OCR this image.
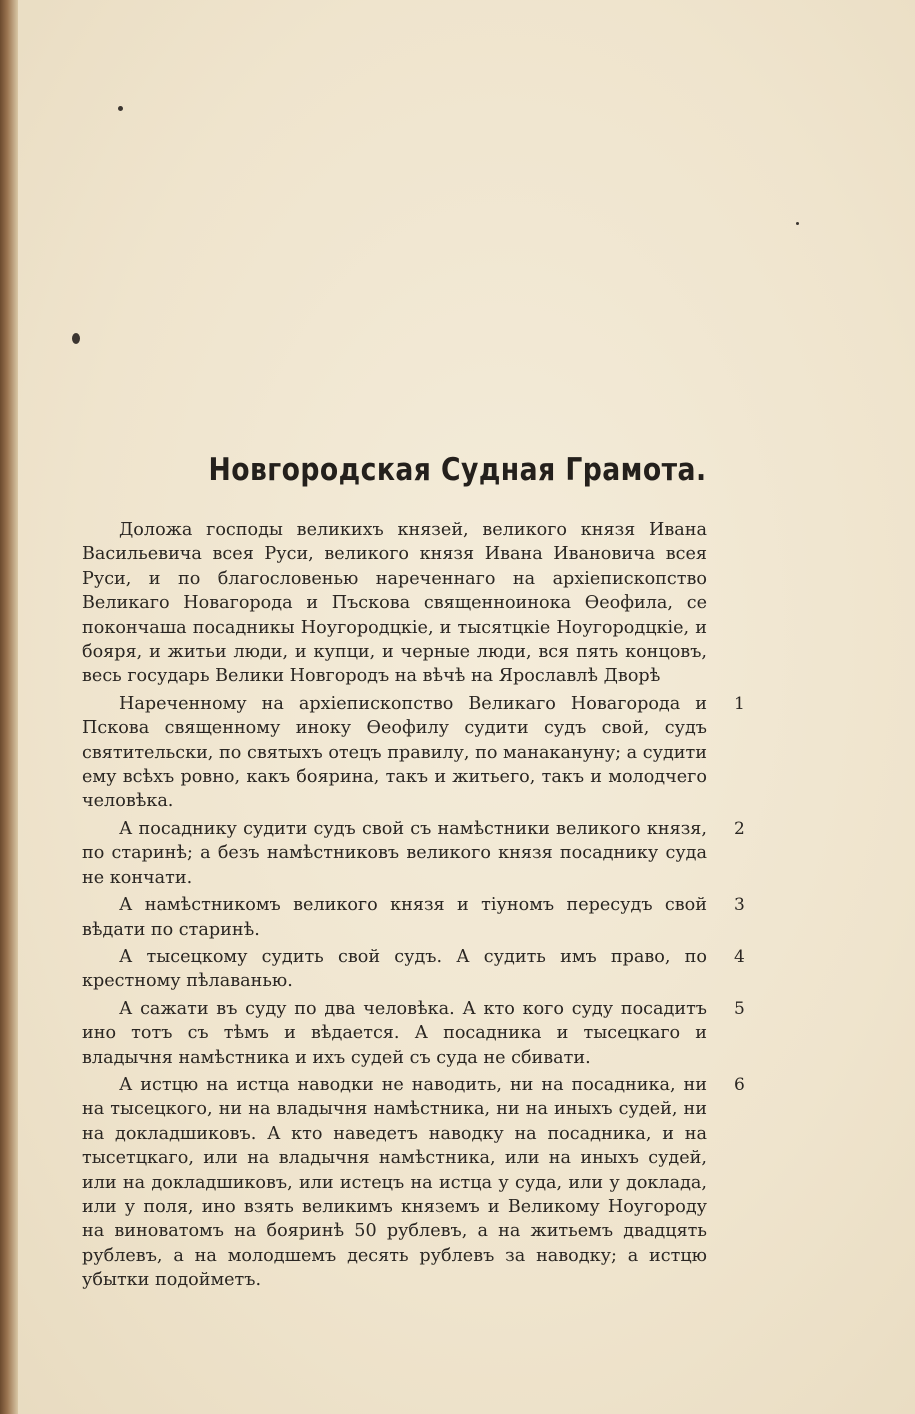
Новгородская Судная Грамота.
Доложа господы великихъ князей, великого князя Ивана Васильевича всея Руси, великого князя Ивана Ивановича всея Руси, и по благословенью нареченнаго на архіепископство Великаго Новагорода и Пъскова священноинока Өеофила, се покончаша посадникы Ноугородцкіе, и тысятцкіе Ноугородцкіе, и бояря, и житьи люди, и купци, и черные люди, вся пять концовъ, весь государь Велики Новгородъ на вѣчѣ на Ярославлѣ Дворѣ
1
Нареченному на архіепископство Великаго Новагорода и Пскова священному иноку Өеофилу судити судъ свой, судъ святительски, по святыхъ отецъ правилу, по манакануну; а судити ему всѣхъ ровно, какъ боярина, такъ и житьего, такъ и молодчего человѣка.
2
А посаднику судити судъ свой съ намѣстники великого князя, по старинѣ; а безъ намѣстниковъ великого князя посаднику суда не кончати.
3
А намѣстникомъ великого князя и тіуномъ пересудъ свой вѣдати по старинѣ.
4
А тысецкому судить свой судъ. А судить имъ право, по крестному пѣлаванью.
5
А сажати въ суду по два человѣка. А кто кого суду посадитъ ино тотъ съ тѣмъ и вѣдается. А посадника и тысецкаго и владычня намѣстника и ихъ судей съ суда не сбивати.
6
А истцю на истца наводки не наводить, ни на посадника, ни на тысецкого, ни на владычня намѣстника, ни на иныхъ судей, ни на докладшиковъ. А кто наведетъ наводку на посадника, и на тысетцкаго, или на владычня намѣстника, или на иныхъ судей, или на докладшиковъ, или истецъ на истца у суда, или у доклада, или у поля, ино взять великимъ княземъ и Великому Ноугороду на виноватомъ на бояринѣ 50 рублевъ, а на житьемъ двадцять рублевъ, а на молодшемъ десять рублевъ за наводку; а истцю убытки подойметъ.
